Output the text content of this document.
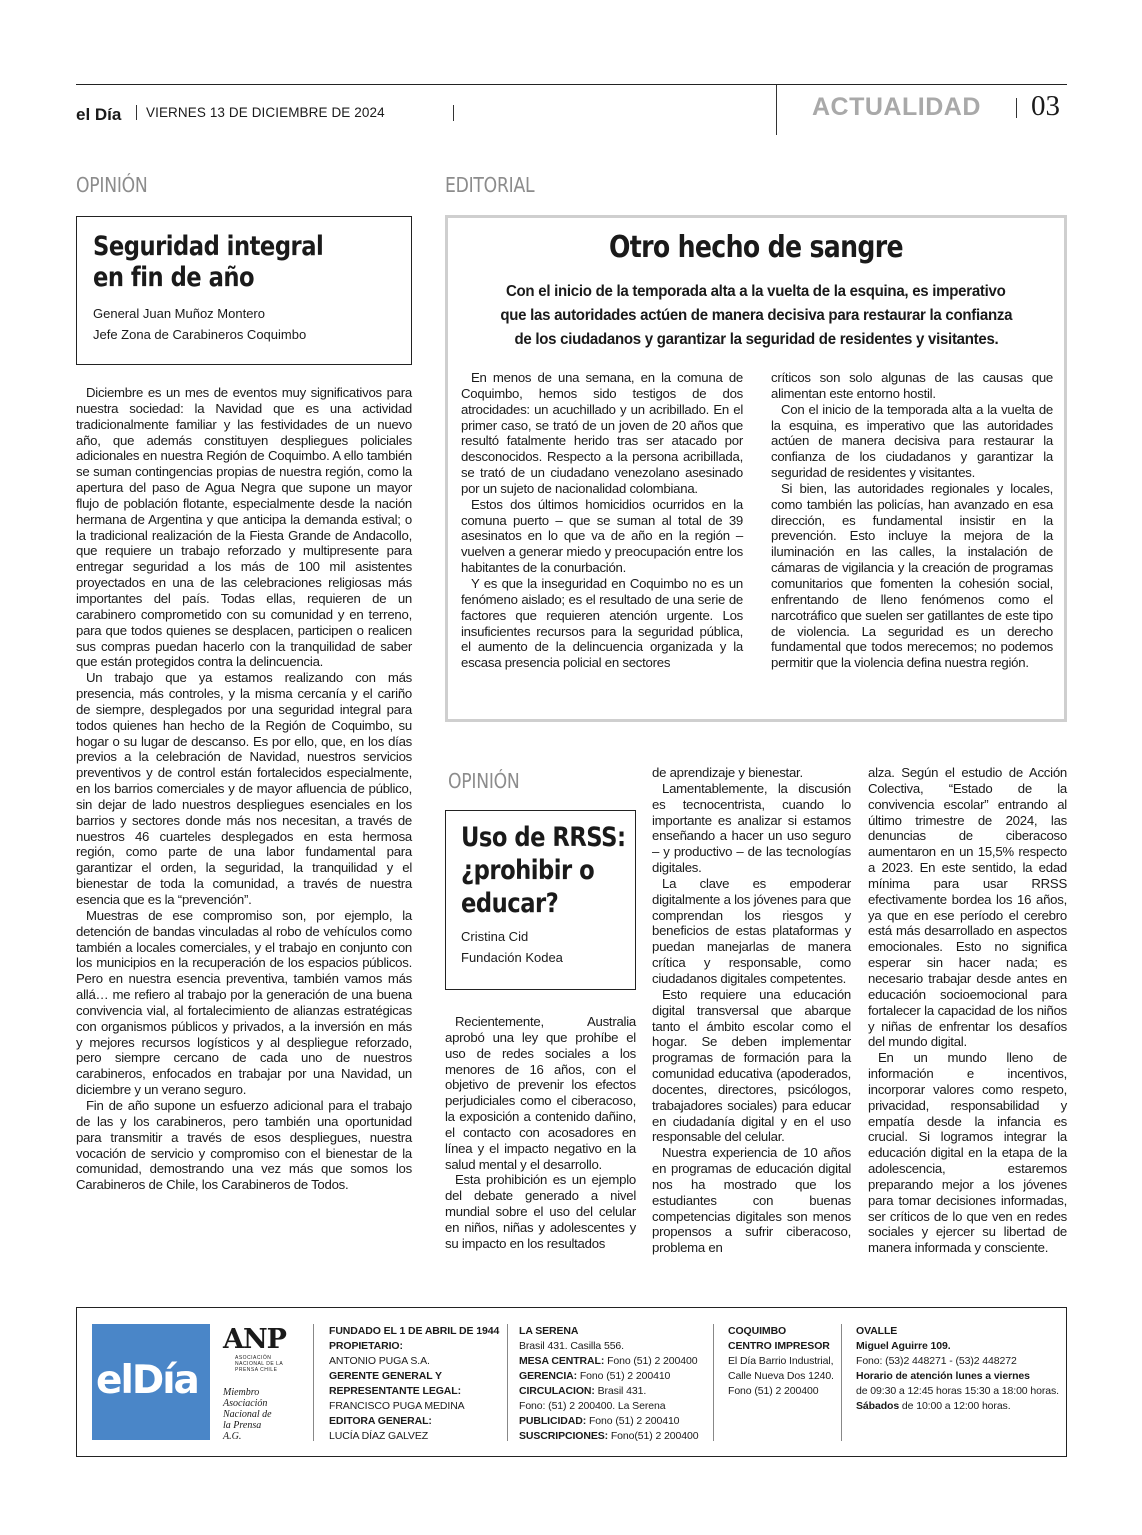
el Día	VIERNES 13 DE DICIEMBRE DE 2024	ACTUALIDAD 03
OPINIÓN
Seguridad integral
en fin de año
General Juan Muñoz Montero
Jefe Zona de Carabineros Coquimbo

Diciembre es un mes de eventos muy significativos para nuestra sociedad: la Navidad que es una actividad tradicionalmente familiar y las festividades de un nuevo año, que además constituyen despliegues policiales adicionales en nuestra Región de Coquimbo. A ello también se suman contingencias propias de nuestra región, como la apertura del paso de Agua Negra que supone un mayor flujo de población flotante, especialmente desde la nación hermana de Argentina y que anticipa la demanda estival; o la tradicional realización de la Fiesta Grande de Andacollo, que requiere un trabajo reforzado y multipresente para entregar seguridad a los más de 100 mil asistentes proyectados en una de las celebraciones religiosas más importantes del país. Todas ellas, requieren de un carabinero comprometido con su comunidad y en terreno, para que todos quienes se desplacen, participen o realicen sus compras puedan hacerlo con la tranquilidad de saber que están protegidos contra la delincuencia.

Un trabajo que ya estamos realizando con más presencia, más controles, y la misma cercanía y el cariño de siempre, desplegados por una seguridad integral para todos quienes han hecho de la Región de Coquimbo, su hogar o su lugar de descanso. Es por ello, que, en los días previos a la celebración de Navidad, nuestros servicios preventivos y de control están fortalecidos especialmente, en los barrios comerciales y de mayor afluencia de público, sin dejar de lado nuestros despliegues esenciales en los barrios y sectores donde más nos necesitan, a través de nuestros 46 cuarteles desplegados en esta hermosa región, como parte de una labor fundamental para garantizar el orden, la seguridad, la tranquilidad y el bienestar de toda la comunidad, a través de nuestra esencia que es la “prevención”.

Muestras de ese compromiso son, por ejemplo, la detención de bandas vinculadas al robo de vehículos como también a locales comerciales, y el trabajo en conjunto con los municipios en la recuperación de los espacios públicos. Pero en nuestra esencia preventiva, también vamos más allá… me refiero al trabajo por la generación de una buena convivencia vial, al fortalecimiento de alianzas estratégicas con organismos públicos y privados, a la inversión en más y mejores recursos logísticos y al despliegue reforzado, pero siempre cercano de cada uno de nuestros carabineros, enfocados en trabajar por una Navidad, un diciembre y un verano seguro.

Fin de año supone un esfuerzo adicional para el trabajo de las y los carabineros, pero también una oportunidad para transmitir a través de esos despliegues, nuestra vocación de servicio y compromiso con el bienestar de la comunidad, demostrando una vez más que somos los Carabineros de Chile, los Carabineros de Todos.

EDITORIAL
Otro hecho de sangre
Con el inicio de la temporada alta a la vuelta de la esquina, es imperativo
que las autoridades actúen de manera decisiva para restaurar la confianza
de los ciudadanos y garantizar la seguridad de residentes y visitantes.

En menos de una semana, en la comuna de Coquimbo, hemos sido testigos de dos atrocidades: un acuchillado y un acribillado. En el primer caso, se trató de un joven de 20 años que resultó fatalmente herido tras ser atacado por desconocidos. Respecto a la persona acribillada, se trató de un ciudadano venezolano asesinado por un sujeto de nacionalidad colombiana.

Estos dos últimos homicidios ocurridos en la comuna puerto – que se suman al total de 39 asesinatos en lo que va de año en la región – vuelven a generar miedo y preocupación entre los habitantes de la conurbación.

Y es que la inseguridad en Coquimbo no es un fenómeno aislado; es el resultado de una serie de factores que requieren atención urgente. Los insuficientes recursos para la seguridad pública, el aumento de la delincuencia organizada y la escasa presencia policial en sectores

críticos son solo algunas de las causas que alimentan este entorno hostil.

Con el inicio de la temporada alta a la vuelta de la esquina, es imperativo que las autoridades actúen de manera decisiva para restaurar la confianza de los ciudadanos y garantizar la seguridad de residentes y visitantes.

Si bien, las autoridades regionales y locales, como también las policías, han avanzado en esa dirección, es fundamental insistir en la prevención. Esto incluye la mejora de la iluminación en las calles, la instalación de cámaras de vigilancia y la creación de programas comunitarios que fomenten la cohesión social, enfrentando de lleno fenómenos como el narcotráfico que suelen ser gatillantes de este tipo de violencia. La seguridad es un derecho fundamental que todos merecemos; no podemos permitir que la violencia defina nuestra región.

OPINIÓN
Uso de RRSS:
¿prohibir o
educar?
Cristina Cid
Fundación Kodea

Recientemente, Australia aprobó una ley que prohíbe el uso de redes sociales a los menores de 16 años, con el objetivo de prevenir los efectos perjudiciales como el ciberacoso, la exposición a contenido dañino, el contacto con acosadores en línea y el impacto negativo en la salud mental y el desarrollo.

Esta prohibición es un ejemplo del debate generado a nivel mundial sobre el uso del celular en niños, niñas y adolescentes y su impacto en los resultados

de aprendizaje y bienestar.

Lamentablemente, la discusión es tecnocentrista, cuando lo importante es analizar si estamos enseñando a hacer un uso seguro – y productivo – de las tecnologías digitales.

La clave es empoderar digitalmente a los jóvenes para que comprendan los riesgos y beneficios de estas plataformas y puedan manejarlas de manera crítica y responsable, como ciudadanos digitales competentes.

Esto requiere una educación digital transversal que abarque tanto el ámbito escolar como el hogar. Se deben implementar programas de formación para la comunidad educativa (apoderados, docentes, directores, psicólogos, trabajadores sociales) para educar en ciudadanía digital y en el uso responsable del celular.

Nuestra experiencia de 10 años en programas de educación digital nos ha mostrado que los estudiantes con buenas competencias digitales son menos propensos a sufrir ciberacoso, problema en

alza. Según el estudio de Acción Colectiva, “Estado de la convivencia escolar” entrando al último trimestre de 2024, las denuncias de ciberacoso aumentaron en un 15,5% respecto a 2023. En este sentido, la edad mínima para usar RRSS efectivamente bordea los 16 años, ya que en ese período el cerebro está más desarrollado en aspectos emocionales. Esto no significa esperar sin hacer nada; es necesario trabajar desde antes en educación socioemocional para fortalecer la capacidad de los niños y niñas de enfrentar los desafíos del mundo digital.

En un mundo lleno de información e incentivos, incorporar valores como respeto, privacidad, responsabilidad y empatía desde la infancia es crucial. Si logramos integrar la educación digital en la etapa de la adolescencia, estaremos preparando mejor a los jóvenes para tomar decisiones informadas, ser críticos de lo que ven en redes sociales y ejercer su libertad de manera informada y consciente.

elDía
ANP
ASOCIACIÓN NACIONAL DE LA PRENSA CHILE
Miembro
Asociación
Nacional de
la Prensa
A.G.
FUNDADO EL 1 DE ABRIL DE 1944
PROPIETARIO:
ANTONIO PUGA S.A.
GERENTE GENERAL Y
REPRESENTANTE LEGAL:
FRANCISCO PUGA MEDINA
EDITORA GENERAL:
LUCÍA DÍAZ GALVEZ
LA SERENA
Brasil 431. Casilla 556.
MESA CENTRAL: Fono (51) 2 200400
GERENCIA: Fono (51) 2 200410
CIRCULACION: Brasil 431.
Fono: (51) 2 200400. La Serena
PUBLICIDAD: Fono (51) 2 200410
SUSCRIPCIONES: Fono(51) 2 200400
COQUIMBO
CENTRO IMPRESOR
El Día Barrio Industrial,
Calle Nueva Dos 1240.
Fono (51) 2 200400
OVALLE
Miguel Aguirre 109.
Fono: (53)2 448271 - (53)2 448272
Horario de atención lunes a viernes
de 09:30 a 12:45 horas 15:30 a 18:00 horas.
Sábados de 10:00 a 12:00 horas.
